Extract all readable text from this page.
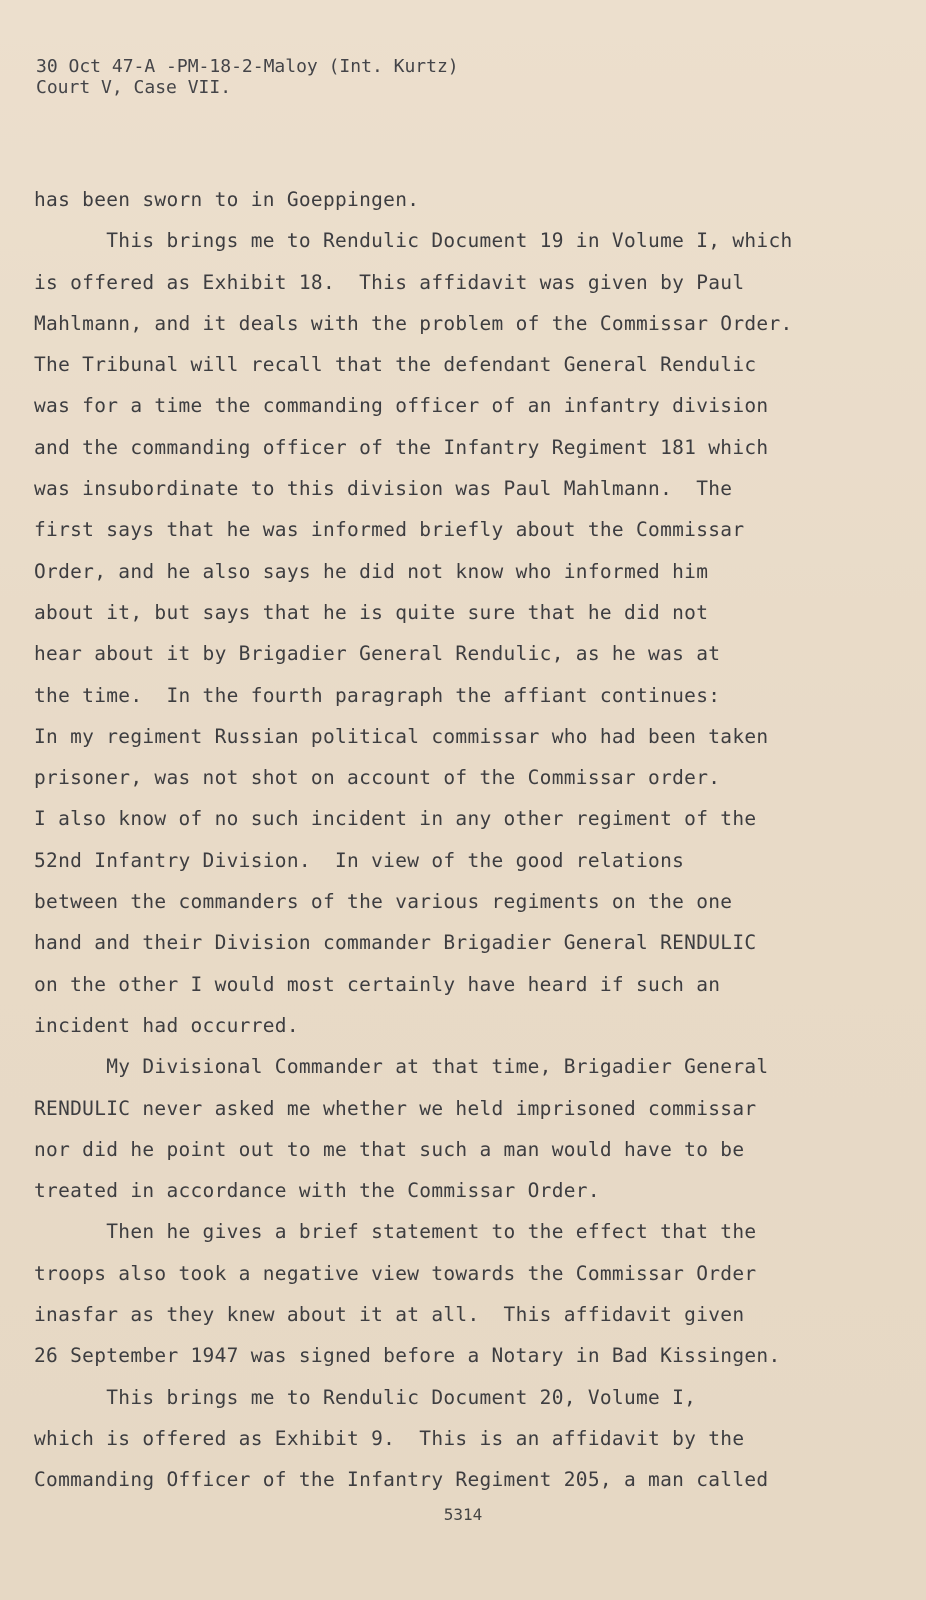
30 Oct 47-A -PM-18-2-Maloy (Int. Kurtz)
Court V, Case VII.
has been sworn to in Goeppingen.
This brings me to Rendulic Document 19 in Volume I, which
is offered as Exhibit 18.  This affidavit was given by Paul
Mahlmann, and it deals with the problem of the Commissar Order.
The Tribunal will recall that the defendant General Rendulic
was for a time the commanding officer of an infantry division
and the commanding officer of the Infantry Regiment 181 which
was insubordinate to this division was Paul Mahlmann.  The
first says that he was informed briefly about the Commissar
Order, and he also says he did not know who informed him
about it, but says that he is quite sure that he did not
hear about it by Brigadier General Rendulic, as he was at
the time.  In the fourth paragraph the affiant continues:
In my regiment Russian political commissar who had been taken
prisoner, was not shot on account of the Commissar order.
I also know of no such incident in any other regiment of the
52nd Infantry Division.  In view of the good relations
between the commanders of the various regiments on the one
hand and their Division commander Brigadier General RENDULIC
on the other I would most certainly have heard if such an
incident had occurred.
My Divisional Commander at that time, Brigadier General
RENDULIC never asked me whether we held imprisoned commissar
nor did he point out to me that such a man would have to be
treated in accordance with the Commissar Order.
Then he gives a brief statement to the effect that the
troops also took a negative view towards the Commissar Order
inasfar as they knew about it at all.  This affidavit given
26 September 1947 was signed before a Notary in Bad Kissingen.
This brings me to Rendulic Document 20, Volume I,
which is offered as Exhibit 9.  This is an affidavit by the
Commanding Officer of the Infantry Regiment 205, a man called
5314
